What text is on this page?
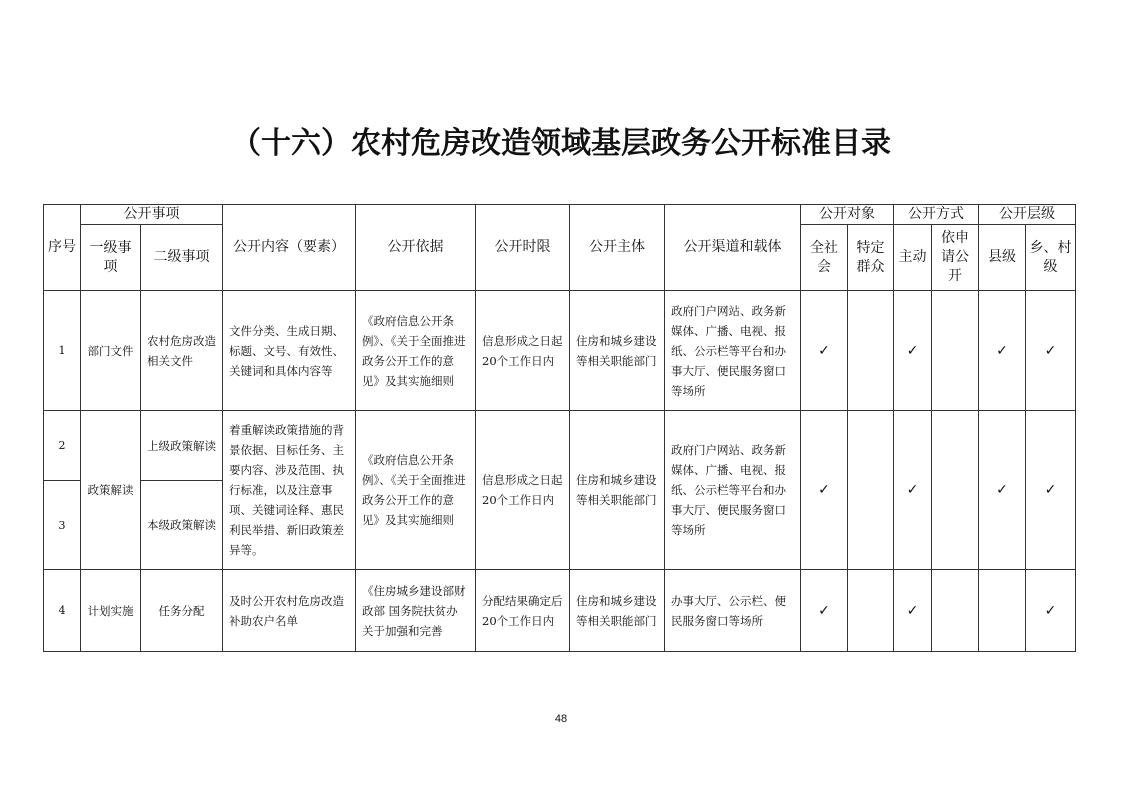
（十六）农村危房改造领域基层政务公开标准目录
序号	公开事项		公开内容（要素）	公开依据	公开时限	公开主体	公开渠道和载体	公开对象		公开方式		公开层级	
	一级事项	二级事项						全社会	特定群众	主动	依申请公开	县级	乡、村级
1	部门文件	农村危房改造相关文件	文件分类、生成日期、标题、文号、有效性、关键词和具体内容等	《政府信息公开条例》、《关于全面推进政务公开工作的意见》及其实施细则	信息形成之日起20个工作日内	住房和城乡建设等相关职能部门	政府门户网站、政务新媒体、广播、电视、报纸、公示栏等平台和办事大厅、便民服务窗口等场所	✓		✓		✓	✓
2	政策解读	上级政策解读	着重解读政策措施的背景依据、目标任务、主要内容、涉及范围、执行标准，以及注意事项、关键词诠释、惠民利民举措、新旧政策差异等。	《政府信息公开条例》、《关于全面推进政务公开工作的意见》及其实施细则	信息形成之日起20个工作日内	住房和城乡建设等相关职能部门	政府门户网站、政务新媒体、广播、电视、报纸、公示栏等平台和办事大厅、便民服务窗口等场所	✓		✓		✓	✓
3		本级政策解读											
4	计划实施	任务分配	及时公开农村危房改造补助农户名单	《住房城乡建设部财政部 国务院扶贫办关于加强和完善	分配结果确定后20个工作日内	住房和城乡建设等相关职能部门	办事大厅、公示栏、便民服务窗口等场所	✓		✓			✓
48
